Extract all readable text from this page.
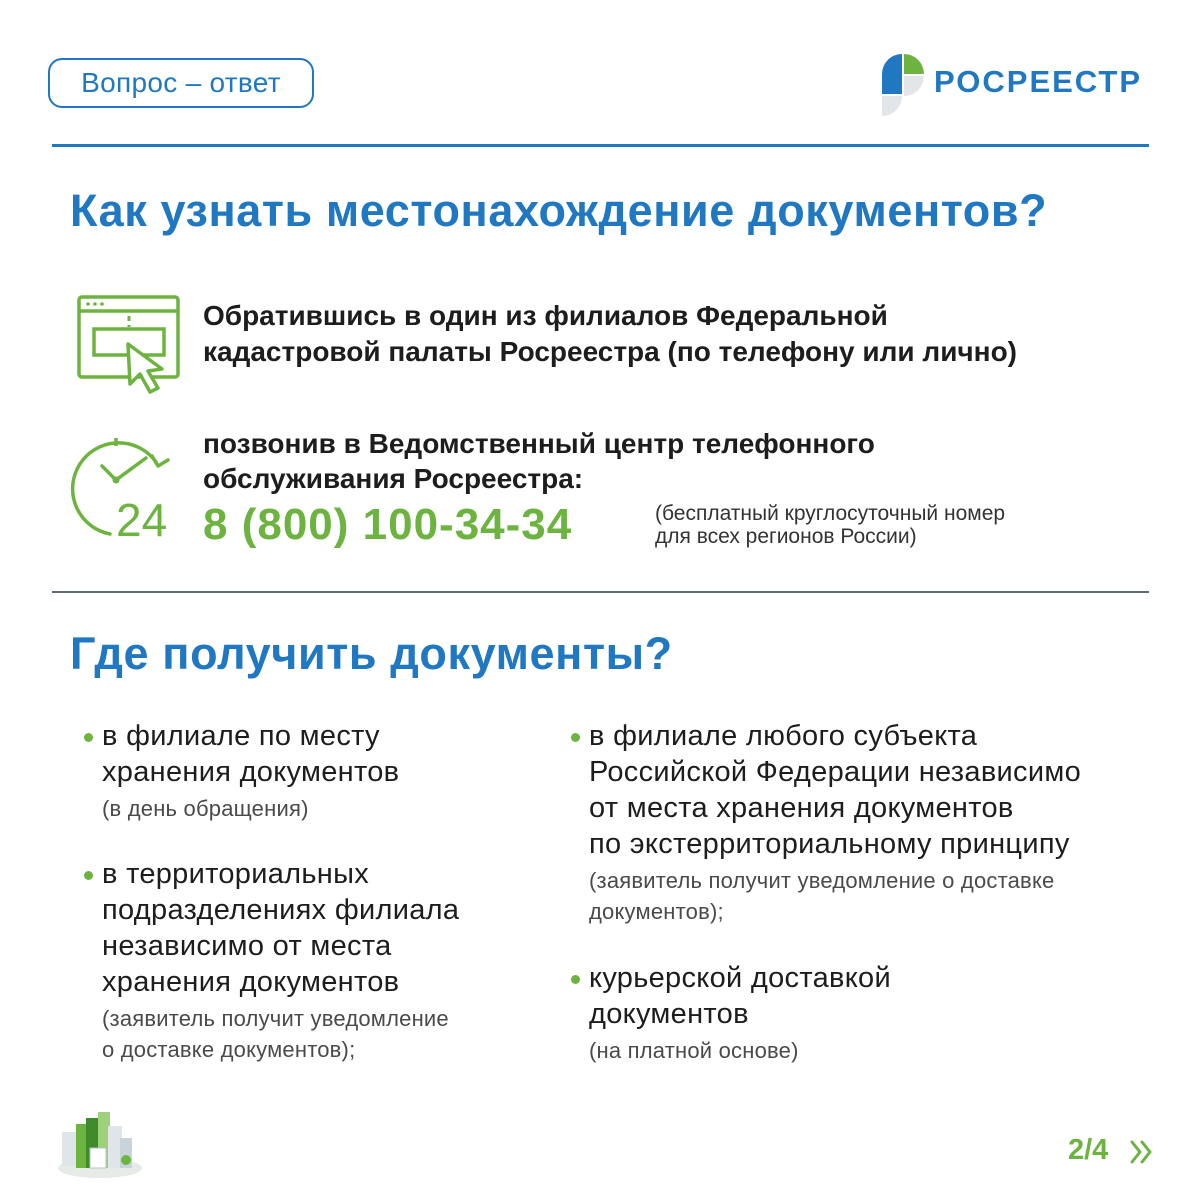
Вопрос – ответ	РОСРЕЕСТР
Как узнать местонахождение документов?
Обратившись в один из филиалов Федеральной
кадастровой палаты Росреестра (по телефону или лично)
24
позвонив в Ведомственный центр телефонного
обслуживания Росреестра:
8 (800) 100-34-34	(бесплатный круглосуточный номер
для всех регионов России)
Где получить документы?
в филиале по месту
хранения документов
(в день обращения)
в территориальных
подразделениях филиала
независимо от места
хранения документов
(заявитель получит уведомление
о доставке документов);
в филиале любого субъекта
Российской Федерации независимо
от места хранения документов
по экстерриториальному принципу
(заявитель получит уведомление о доставке
документов);
курьерской доставкой
документов
(на платной основе)
2/4
